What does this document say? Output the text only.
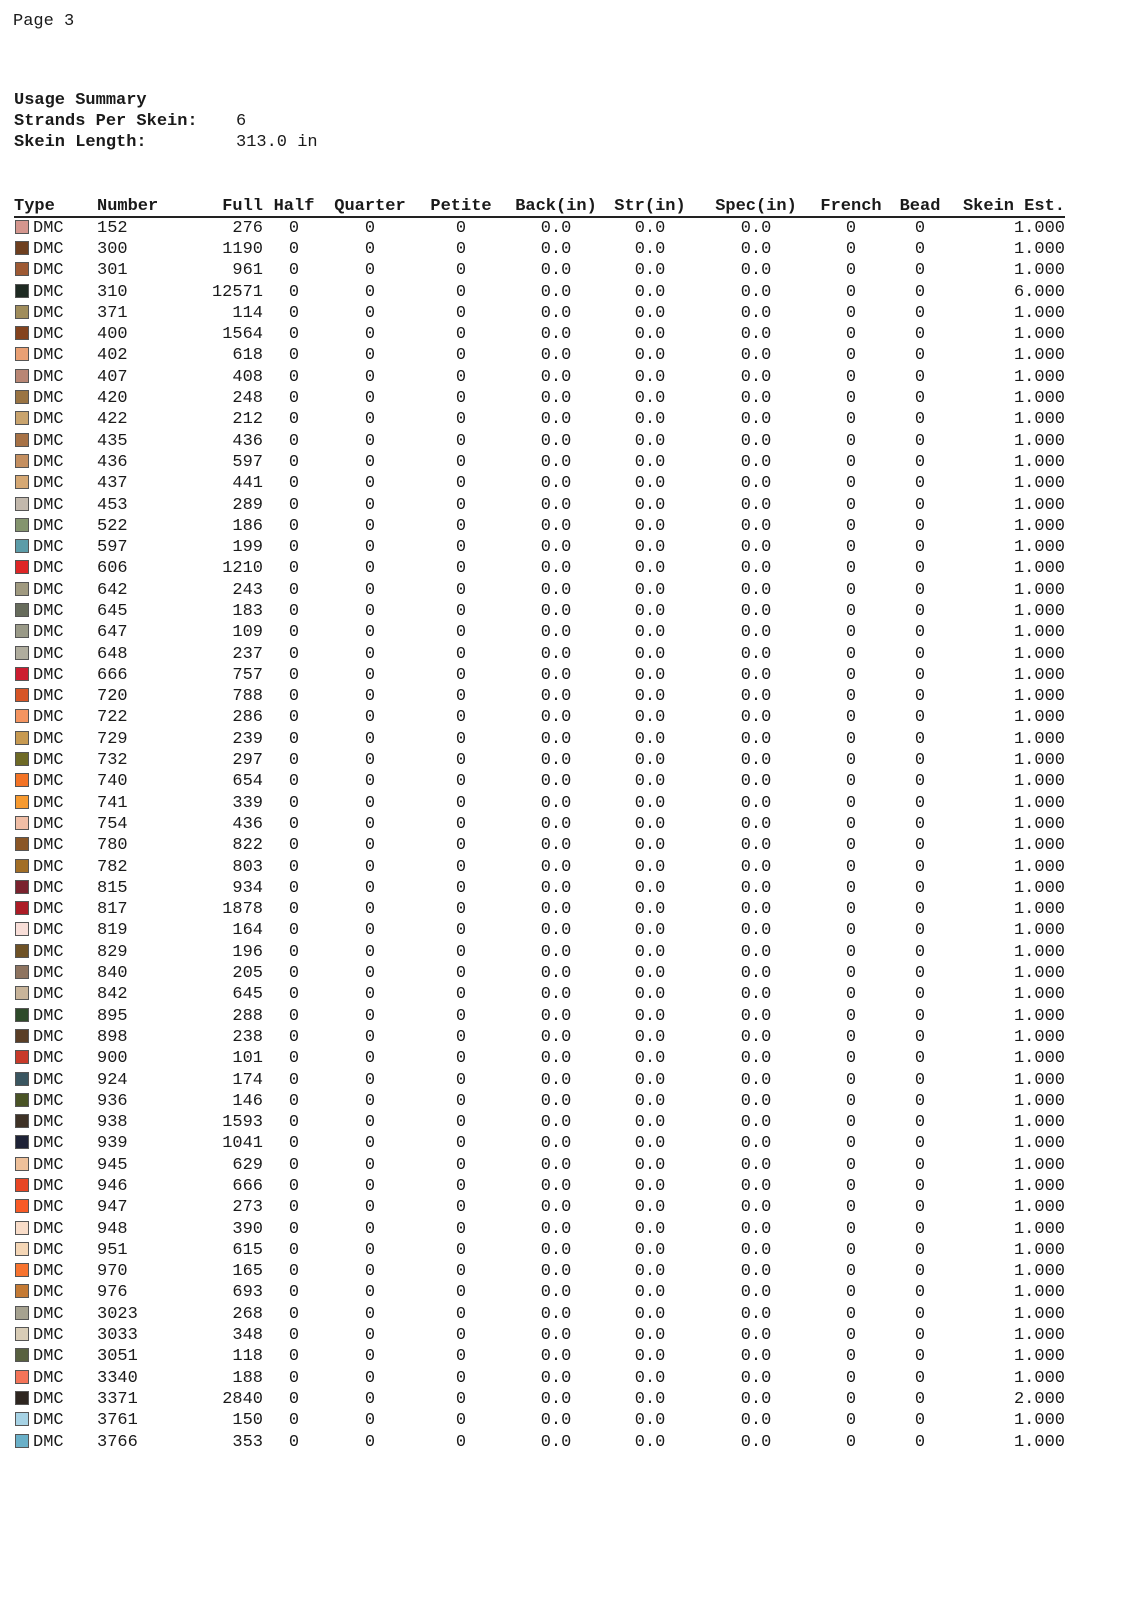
Page 3
Usage Summary
Strands Per Skein:	6
Skein Length:	313.0 in
Type	Number	Full	Half	Quarter	Petite	Back(in)	Str(in)	Spec(in)	French	Bead	Skein Est.
DMC	152	276	0	0	0	0.0	0.0	0.0	0	0	1.000
DMC	300	1190	0	0	0	0.0	0.0	0.0	0	0	1.000
DMC	301	961	0	0	0	0.0	0.0	0.0	0	0	1.000
DMC	310	12571	0	0	0	0.0	0.0	0.0	0	0	6.000
DMC	371	114	0	0	0	0.0	0.0	0.0	0	0	1.000
DMC	400	1564	0	0	0	0.0	0.0	0.0	0	0	1.000
DMC	402	618	0	0	0	0.0	0.0	0.0	0	0	1.000
DMC	407	408	0	0	0	0.0	0.0	0.0	0	0	1.000
DMC	420	248	0	0	0	0.0	0.0	0.0	0	0	1.000
DMC	422	212	0	0	0	0.0	0.0	0.0	0	0	1.000
DMC	435	436	0	0	0	0.0	0.0	0.0	0	0	1.000
DMC	436	597	0	0	0	0.0	0.0	0.0	0	0	1.000
DMC	437	441	0	0	0	0.0	0.0	0.0	0	0	1.000
DMC	453	289	0	0	0	0.0	0.0	0.0	0	0	1.000
DMC	522	186	0	0	0	0.0	0.0	0.0	0	0	1.000
DMC	597	199	0	0	0	0.0	0.0	0.0	0	0	1.000
DMC	606	1210	0	0	0	0.0	0.0	0.0	0	0	1.000
DMC	642	243	0	0	0	0.0	0.0	0.0	0	0	1.000
DMC	645	183	0	0	0	0.0	0.0	0.0	0	0	1.000
DMC	647	109	0	0	0	0.0	0.0	0.0	0	0	1.000
DMC	648	237	0	0	0	0.0	0.0	0.0	0	0	1.000
DMC	666	757	0	0	0	0.0	0.0	0.0	0	0	1.000
DMC	720	788	0	0	0	0.0	0.0	0.0	0	0	1.000
DMC	722	286	0	0	0	0.0	0.0	0.0	0	0	1.000
DMC	729	239	0	0	0	0.0	0.0	0.0	0	0	1.000
DMC	732	297	0	0	0	0.0	0.0	0.0	0	0	1.000
DMC	740	654	0	0	0	0.0	0.0	0.0	0	0	1.000
DMC	741	339	0	0	0	0.0	0.0	0.0	0	0	1.000
DMC	754	436	0	0	0	0.0	0.0	0.0	0	0	1.000
DMC	780	822	0	0	0	0.0	0.0	0.0	0	0	1.000
DMC	782	803	0	0	0	0.0	0.0	0.0	0	0	1.000
DMC	815	934	0	0	0	0.0	0.0	0.0	0	0	1.000
DMC	817	1878	0	0	0	0.0	0.0	0.0	0	0	1.000
DMC	819	164	0	0	0	0.0	0.0	0.0	0	0	1.000
DMC	829	196	0	0	0	0.0	0.0	0.0	0	0	1.000
DMC	840	205	0	0	0	0.0	0.0	0.0	0	0	1.000
DMC	842	645	0	0	0	0.0	0.0	0.0	0	0	1.000
DMC	895	288	0	0	0	0.0	0.0	0.0	0	0	1.000
DMC	898	238	0	0	0	0.0	0.0	0.0	0	0	1.000
DMC	900	101	0	0	0	0.0	0.0	0.0	0	0	1.000
DMC	924	174	0	0	0	0.0	0.0	0.0	0	0	1.000
DMC	936	146	0	0	0	0.0	0.0	0.0	0	0	1.000
DMC	938	1593	0	0	0	0.0	0.0	0.0	0	0	1.000
DMC	939	1041	0	0	0	0.0	0.0	0.0	0	0	1.000
DMC	945	629	0	0	0	0.0	0.0	0.0	0	0	1.000
DMC	946	666	0	0	0	0.0	0.0	0.0	0	0	1.000
DMC	947	273	0	0	0	0.0	0.0	0.0	0	0	1.000
DMC	948	390	0	0	0	0.0	0.0	0.0	0	0	1.000
DMC	951	615	0	0	0	0.0	0.0	0.0	0	0	1.000
DMC	970	165	0	0	0	0.0	0.0	0.0	0	0	1.000
DMC	976	693	0	0	0	0.0	0.0	0.0	0	0	1.000
DMC	3023	268	0	0	0	0.0	0.0	0.0	0	0	1.000
DMC	3033	348	0	0	0	0.0	0.0	0.0	0	0	1.000
DMC	3051	118	0	0	0	0.0	0.0	0.0	0	0	1.000
DMC	3340	188	0	0	0	0.0	0.0	0.0	0	0	1.000
DMC	3371	2840	0	0	0	0.0	0.0	0.0	0	0	2.000
DMC	3761	150	0	0	0	0.0	0.0	0.0	0	0	1.000
DMC	3766	353	0	0	0	0.0	0.0	0.0	0	0	1.000
